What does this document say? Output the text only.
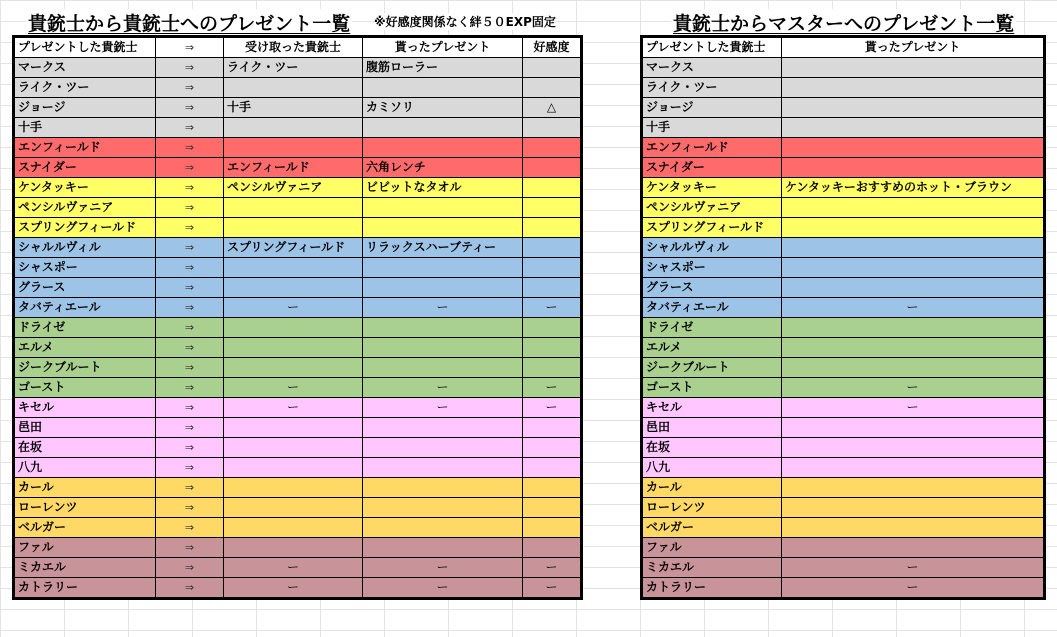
貴銃士から貴銃士へのプレゼント一覧 ※好感度関係なく絆５０EXP固定	貴銃士からマスターへのプレゼント一覧
プレゼントした貴銃士	⇒	受け取った貴銃士	貰ったプレゼント	好感度
マークス	⇒	ライク・ツー	腹筋ローラー	
ライク・ツー	⇒			
ジョージ	⇒	十手	カミソリ	△
十手	⇒			
エンフィールド	⇒			
スナイダー	⇒	エンフィールド	六角レンチ	
ケンタッキー	⇒	ペンシルヴァニア	ビビットなタオル	
ペンシルヴァニア	⇒			
スプリングフィールド	⇒			
シャルルヴィル	⇒	スプリングフィールド	リラックスハーブティー	
シャスポー	⇒			
グラース	⇒			
タバティエール	⇒	ー	ー	ー
ドライゼ	⇒			
エルメ	⇒			
ジークブルート	⇒			
ゴースト	⇒	ー	ー	ー
キセル	⇒	ー	ー	ー
邑田	⇒			
在坂	⇒			
八九	⇒			
カール	⇒			
ローレンツ	⇒			
ベルガー	⇒			
ファル	⇒			
ミカエル	⇒	ー	ー	ー
カトラリー	⇒	ー	ー	ー
プレゼントした貴銃士	貰ったプレゼント
マークス	
ライク・ツー	
ジョージ	
十手	
エンフィールド	
スナイダー	
ケンタッキー	ケンタッキーおすすめのホット・ブラウン
ペンシルヴァニア	
スプリングフィールド	
シャルルヴィル	
シャスポー	
グラース	
タバティエール	ー
ドライゼ	
エルメ	
ジークブルート	
ゴースト	ー
キセル	ー
邑田	
在坂	
八九	
カール	
ローレンツ	
ベルガー	
ファル	
ミカエル	ー
カトラリー	ー
